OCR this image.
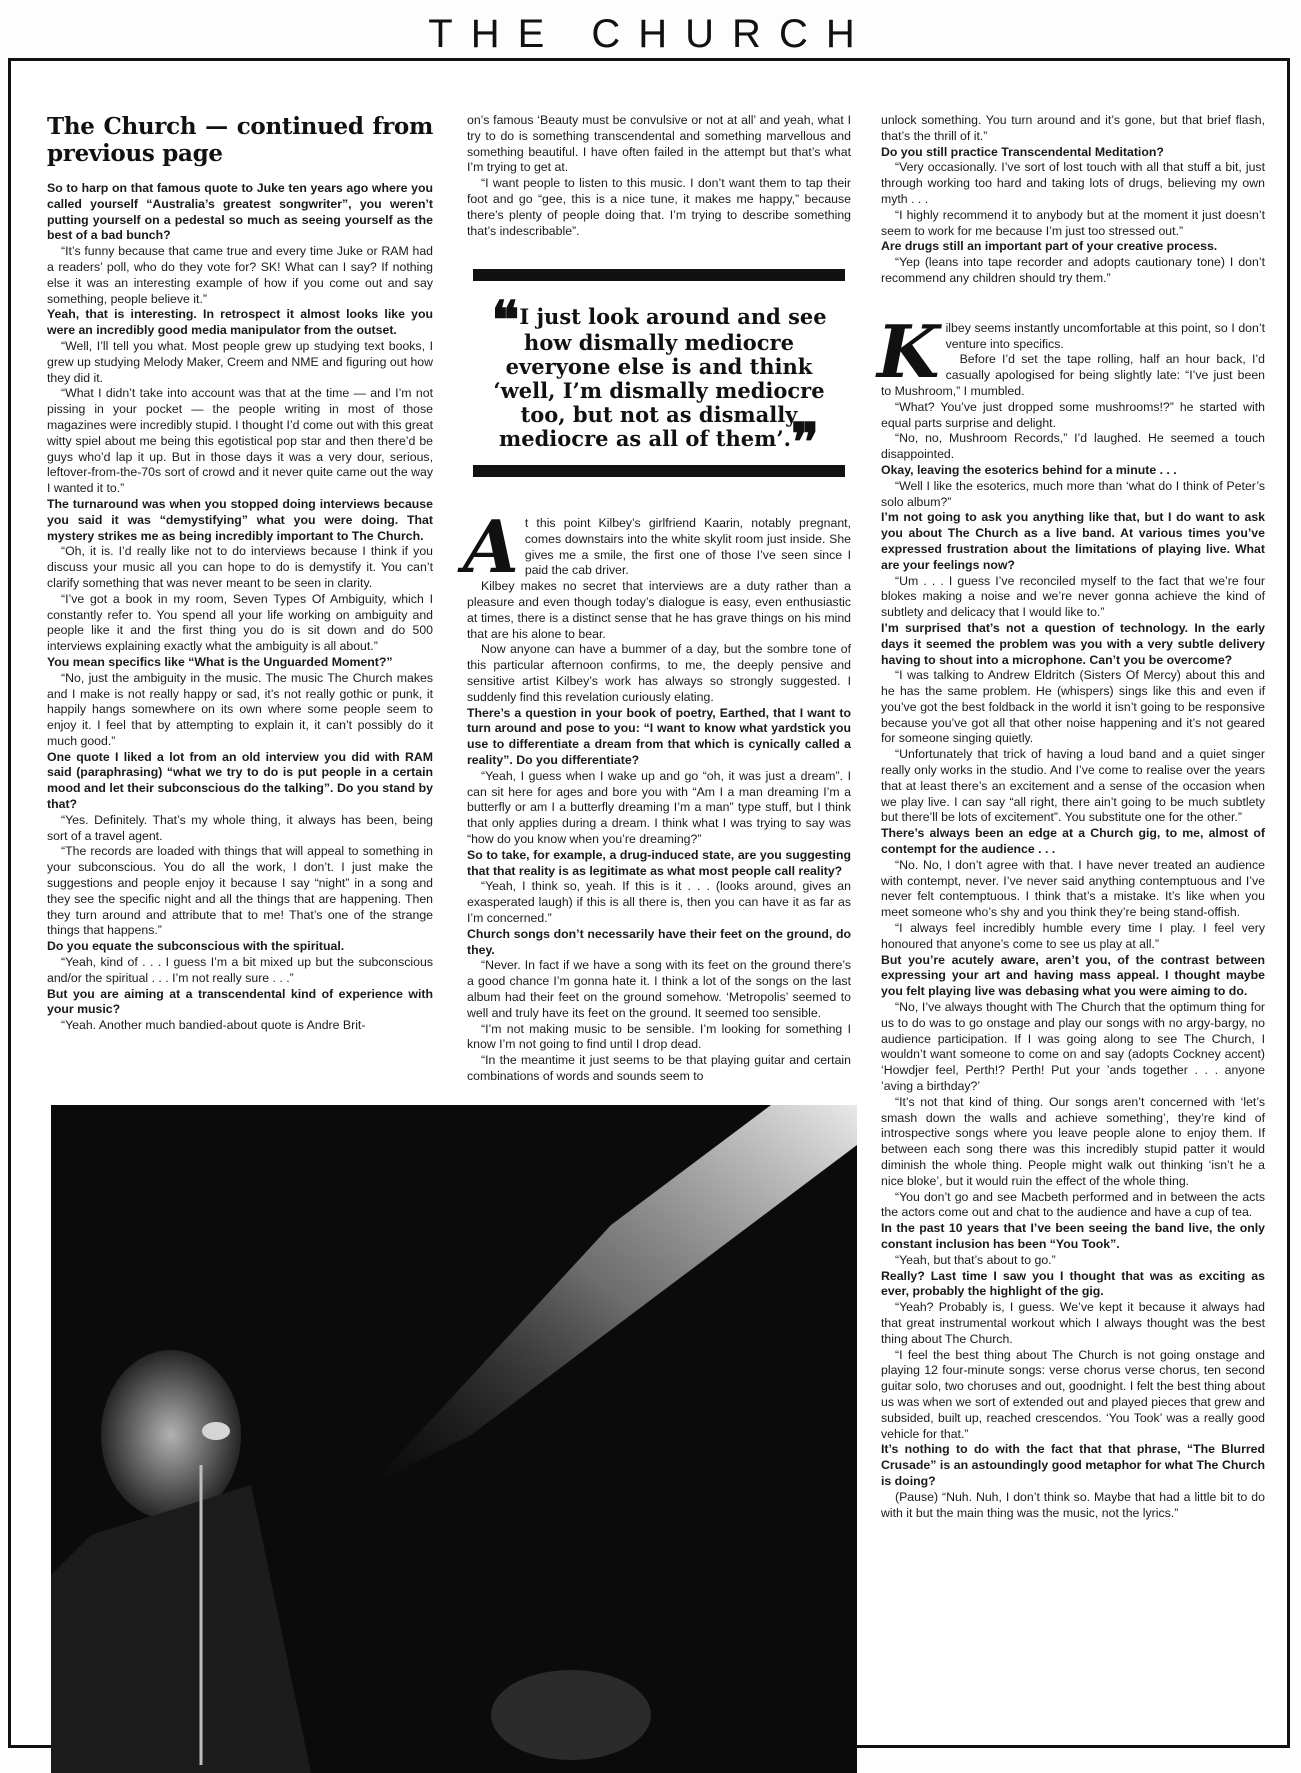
THE CHURCH
The Church — continued from previous page

So to harp on that famous quote to Juke ten years ago where you called yourself “Australia’s greatest songwriter”, you weren’t putting yourself on a pedestal so much as seeing yourself as the best of a bad bunch?

“It’s funny because that came true and every time Juke or RAM had a readers’ poll, who do they vote for? SK! What can I say? If nothing else it was an interesting example of how if you come out and say something, people believe it.”

Yeah, that is interesting. In retrospect it almost looks like you were an incredibly good media manipulator from the outset.

“Well, I’ll tell you what. Most people grew up studying text books, I grew up studying Melody Maker, Creem and NME and figuring out how they did it.

“What I didn’t take into account was that at the time — and I’m not pissing in your pocket — the people writing in most of those magazines were incredibly stupid. I thought I’d come out with this great witty spiel about me being this egotistical pop star and then there’d be guys who’d lap it up. But in those days it was a very dour, serious, leftover-from-the-70s sort of crowd and it never quite came out the way I wanted it to.”

The turnaround was when you stopped doing interviews because you said it was “demystifying” what you were doing. That mystery strikes me as being incredibly important to The Church.

“Oh, it is. I’d really like not to do interviews because I think if you discuss your music all you can hope to do is demystify it. You can’t clarify something that was never meant to be seen in clarity.

“I’ve got a book in my room, Seven Types Of Ambiguity, which I constantly refer to. You spend all your life working on ambiguity and people like it and the first thing you do is sit down and do 500 interviews explaining exactly what the ambiguity is all about.”

You mean specifics like “What is the Unguarded Moment?”

“No, just the ambiguity in the music. The music The Church makes and I make is not really happy or sad, it’s not really gothic or punk, it happily hangs somewhere on its own where some people seem to enjoy it. I feel that by attempting to explain it, it can’t possibly do it much good.”

One quote I liked a lot from an old interview you did with RAM said (paraphrasing) “what we try to do is put people in a certain mood and let their subconscious do the talking”. Do you stand by that?

“Yes. Definitely. That’s my whole thing, it always has been, being sort of a travel agent.

“The records are loaded with things that will appeal to something in your subconscious. You do all the work, I don’t. I just make the suggestions and people enjoy it because I say “night” in a song and they see the specific night and all the things that are happening. Then they turn around and attribute that to me! That’s one of the strange things that happens.”

Do you equate the subconscious with the spiritual.

“Yeah, kind of . . . I guess I’m a bit mixed up but the subconscious and/or the spiritual . . . I’m not really sure . . .”

But you are aiming at a transcendental kind of experience with your music?

“Yeah. Another much bandied-about quote is Andre Brit-

on’s famous ‘Beauty must be convulsive or not at all’ and yeah, what I try to do is something transcendental and something marvellous and something beautiful. I have often failed in the attempt but that’s what I’m trying to get at.

“I want people to listen to this music. I don’t want them to tap their foot and go “gee, this is a nice tune, it makes me happy,” because there’s plenty of people doing that. I’m trying to describe something that’s indescribable”.

❝I just look around and see how dismally mediocre everyone else is and think ‘well, I’m dismally mediocre too, but not as dismally mediocre as all of them’.❞

At this point Kilbey’s girlfriend Kaarin, notably pregnant, comes downstairs into the white skylit room just inside. She gives me a smile, the first one of those I’ve seen since I paid the cab driver.

Kilbey makes no secret that interviews are a duty rather than a pleasure and even though today’s dialogue is easy, even enthusiastic at times, there is a distinct sense that he has grave things on his mind that are his alone to bear.

Now anyone can have a bummer of a day, but the sombre tone of this particular afternoon confirms, to me, the deeply pensive and sensitive artist Kilbey’s work has always so strongly suggested. I suddenly find this revelation curiously elating.

There’s a question in your book of poetry, Earthed, that I want to turn around and pose to you: “I want to know what yardstick you use to differentiate a dream from that which is cynically called a reality”. Do you differentiate?

“Yeah, I guess when I wake up and go “oh, it was just a dream”. I can sit here for ages and bore you with “Am I a man dreaming I’m a butterfly or am I a butterfly dreaming I’m a man” type stuff, but I think that only applies during a dream. I think what I was trying to say was “how do you know when you’re dreaming?”

So to take, for example, a drug-induced state, are you suggesting that that reality is as legitimate as what most people call reality?

“Yeah, I think so, yeah. If this is it . . . (looks around, gives an exasperated laugh) if this is all there is, then you can have it as far as I’m concerned.”

Church songs don’t necessarily have their feet on the ground, do they.

“Never. In fact if we have a song with its feet on the ground there’s a good chance I’m gonna hate it. I think a lot of the songs on the last album had their feet on the ground somehow. ‘Metropolis’ seemed to well and truly have its feet on the ground. It seemed too sensible.

“I’m not making music to be sensible. I’m looking for something I know I’m not going to find until I drop dead.

“In the meantime it just seems to be that playing guitar and certain combinations of words and sounds seem to

unlock something. You turn around and it’s gone, but that brief flash, that’s the thrill of it.”

Do you still practice Transcendental Meditation?

“Very occasionally. I’ve sort of lost touch with all that stuff a bit, just through working too hard and taking lots of drugs, believing my own myth . . .

“I highly recommend it to anybody but at the moment it just doesn’t seem to work for me because I’m just too stressed out.”

Are drugs still an important part of your creative process.

“Yep (leans into tape recorder and adopts cautionary tone) I don’t recommend any children should try them.”

Kilbey seems instantly uncomfortable at this point, so I don’t venture into specifics.

Before I’d set the tape rolling, half an hour back, I’d casually apologised for being slightly late: “I’ve just been to Mushroom,” I mumbled.

“What? You’ve just dropped some mushrooms!?” he started with equal parts surprise and delight.

“No, no, Mushroom Records,” I’d laughed. He seemed a touch disappointed.

Okay, leaving the esoterics behind for a minute . . .

“Well I like the esoterics, much more than ‘what do I think of Peter’s solo album?”

I’m not going to ask you anything like that, but I do want to ask you about The Church as a live band. At various times you’ve expressed frustration about the limitations of playing live. What are your feelings now?

“Um . . . I guess I’ve reconciled myself to the fact that we’re four blokes making a noise and we’re never gonna achieve the kind of subtlety and delicacy that I would like to.”

I’m surprised that’s not a question of technology. In the early days it seemed the problem was you with a very subtle delivery having to shout into a microphone. Can’t you be overcome?

“I was talking to Andrew Eldritch (Sisters Of Mercy) about this and he has the same problem. He (whispers) sings like this and even if you’ve got the best foldback in the world it isn’t going to be responsive because you’ve got all that other noise happening and it’s not geared for someone singing quietly.

“Unfortunately that trick of having a loud band and a quiet singer really only works in the studio. And I’ve come to realise over the years that at least there’s an excitement and a sense of the occasion when we play live. I can say “all right, there ain’t going to be much subtlety but there’ll be lots of excitement”. You substitute one for the other.”

There’s always been an edge at a Church gig, to me, almost of contempt for the audience . . .

“No. No, I don’t agree with that. I have never treated an audience with contempt, never. I’ve never said anything contemptuous and I’ve never felt contemptuous. I think that’s a mistake. It’s like when you meet someone who’s shy and you think they’re being stand-offish.

“I always feel incredibly humble every time I play. I feel very honoured that anyone’s come to see us play at all.”

But you’re acutely aware, aren’t you, of the contrast between expressing your art and having mass appeal. I thought maybe you felt playing live was debasing what you were aiming to do.

“No, I’ve always thought with The Church that the optimum thing for us to do was to go onstage and play our songs with no argy-bargy, no audience participation. If I was going along to see The Church, I wouldn’t want someone to come on and say (adopts Cockney accent) ‘Howdjer feel, Perth!? Perth! Put your ’ands together . . . anyone ’aving a birthday?’

“It’s not that kind of thing. Our songs aren’t concerned with ‘let’s smash down the walls and achieve something’, they’re kind of introspective songs where you leave people alone to enjoy them. If between each song there was this incredibly stupid patter it would diminish the whole thing. People might walk out thinking ‘isn’t he a nice bloke’, but it would ruin the effect of the whole thing.

“You don’t go and see Macbeth performed and in between the acts the actors come out and chat to the audience and have a cup of tea.

In the past 10 years that I’ve been seeing the band live, the only constant inclusion has been “You Took”.

“Yeah, but that’s about to go.”

Really? Last time I saw you I thought that was as exciting as ever, probably the highlight of the gig.

“Yeah? Probably is, I guess. We’ve kept it because it always had that great instrumental workout which I always thought was the best thing about The Church.

“I feel the best thing about The Church is not going onstage and playing 12 four-minute songs: verse chorus verse chorus, ten second guitar solo, two choruses and out, goodnight. I felt the best thing about us was when we sort of extended out and played pieces that grew and subsided, built up, reached crescendos. ‘You Took’ was a really good vehicle for that.”

It’s nothing to do with the fact that that phrase, “The Blurred Crusade” is an astoundingly good metaphor for what The Church is doing?

(Pause) “Nuh. Nuh, I don’t think so. Maybe that had a little bit to do with it but the main thing was the music, not the lyrics.”
